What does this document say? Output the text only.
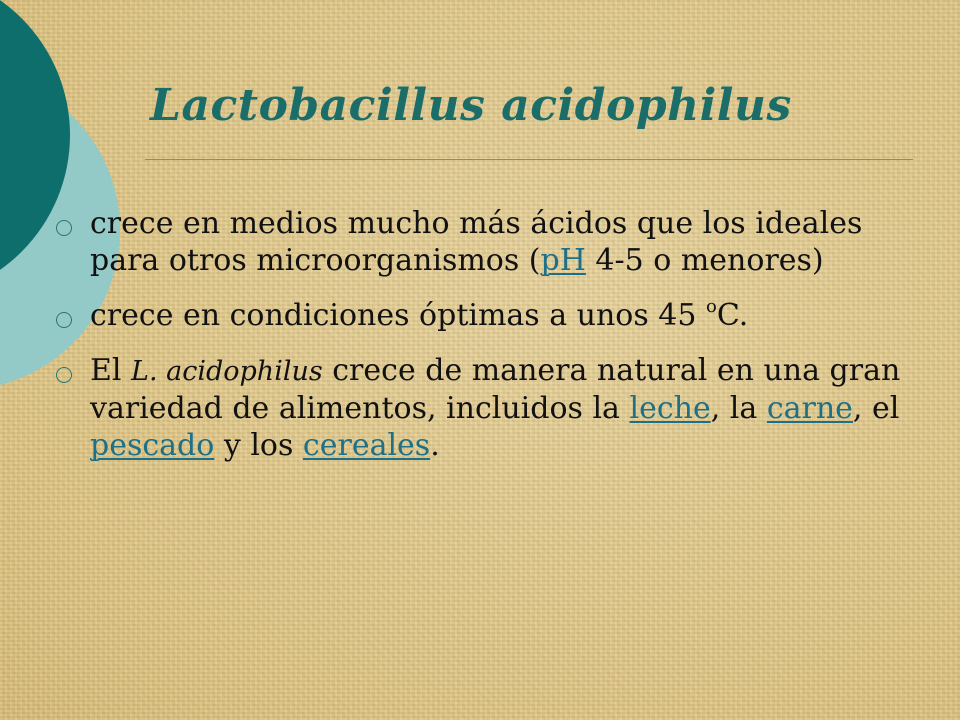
Lactobacillus acidophilus
crece en medios mucho más ácidos que los ideales para otros microorganismos (pH 4-5 o menores)
crece en condiciones óptimas a unos 45 $^o$C.
El L. acidophilus crece de manera natural en una gran variedad de alimentos, incluidos la leche, la carne, el pescado y los cereales.
